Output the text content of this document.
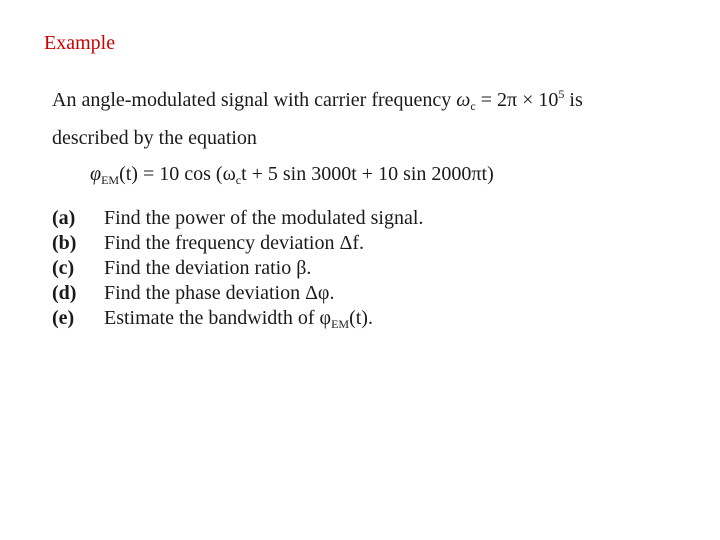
Example
An angle-modulated signal with carrier frequency $\omega_c = 2\pi \times 10^5$ is
described by the equation
$\varphi_{EM}(t) = 10$ $\cos (\omega_ct + 5$ sin 3000t + 10 sin 2000πt)
(a)	Find the power of the modulated signal.
(b)	Find the frequency deviation Δf.
(c)	Find the deviation ratio β.
(d)	Find the phase deviation Δφ.
(e)	Estimate the bandwidth of $\varphi_{EM}(t)$.
